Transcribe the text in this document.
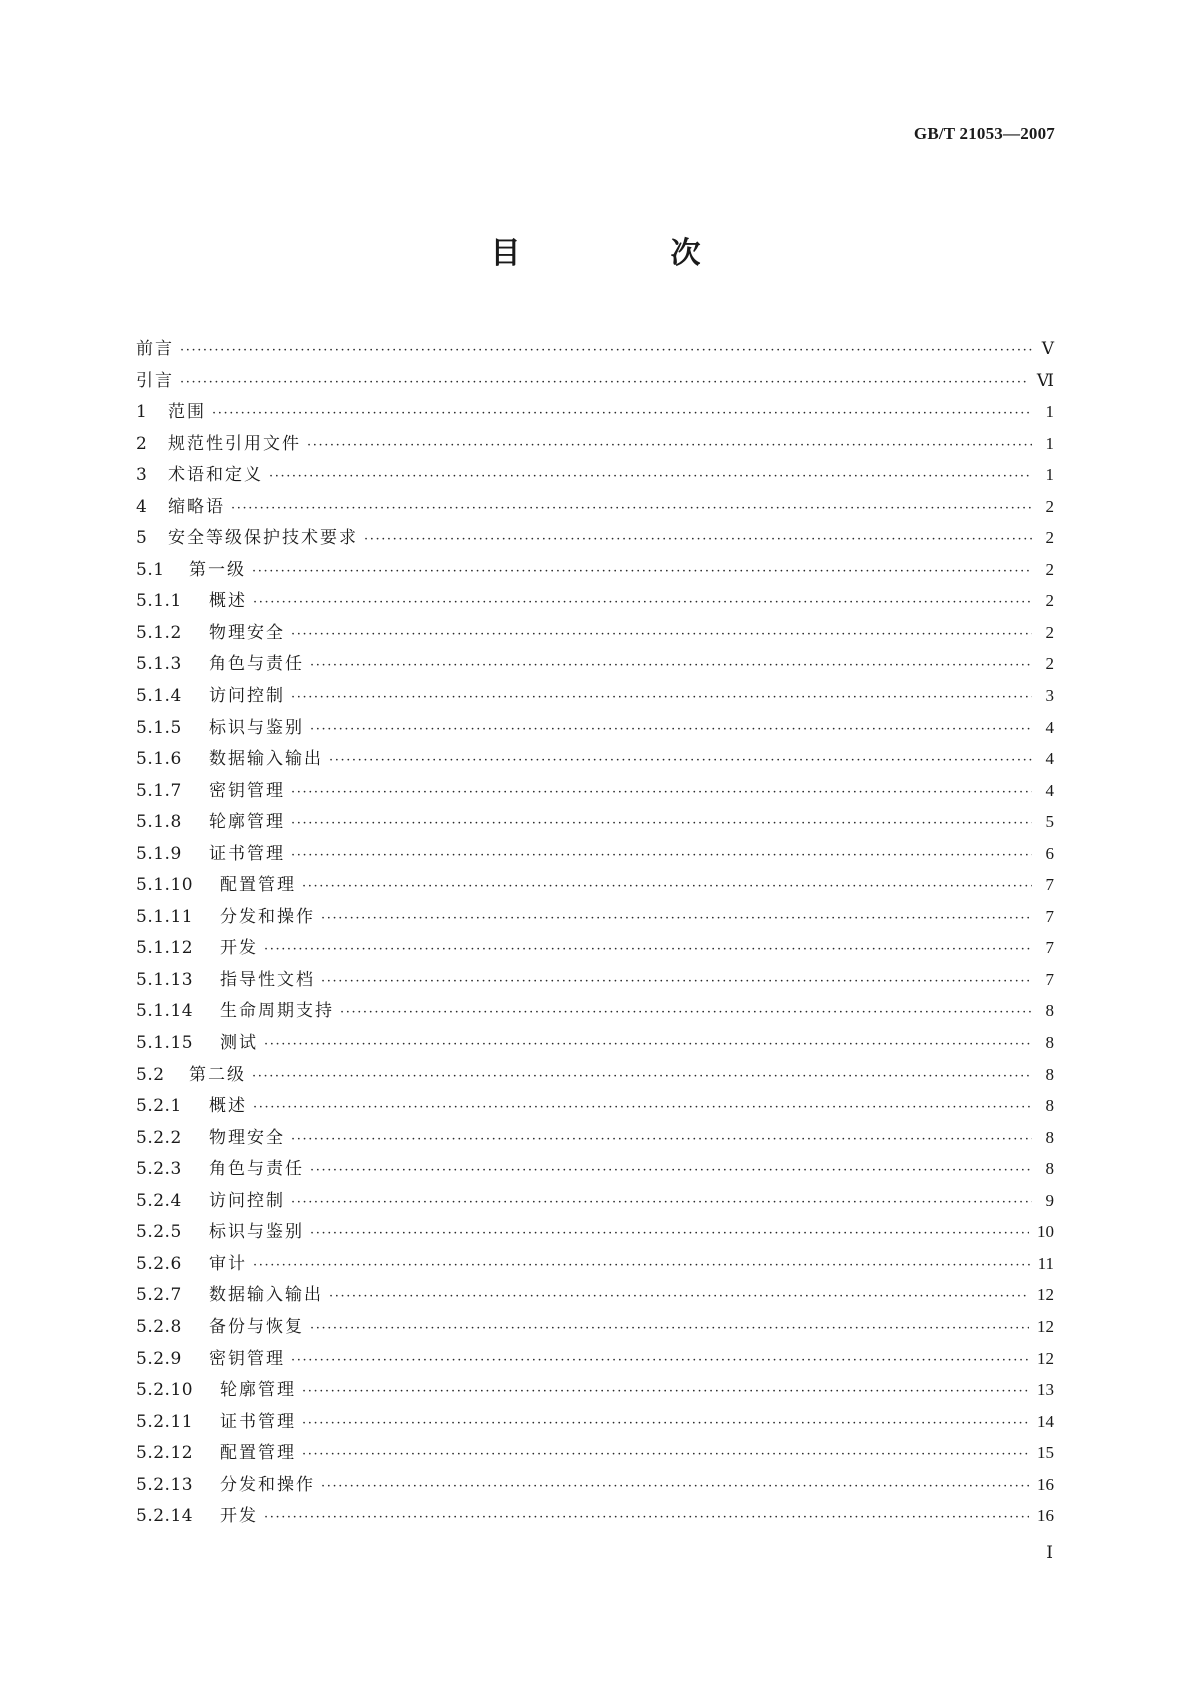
GB/T 21053—2007
目　次
前言 ·····	Ⅴ
引言 ·····	Ⅵ
1	范围 ·····	1
2	规范性引用文件 ·····	1
3	术语和定义 ·····	1
4	缩略语 ·····	2
5	安全等级保护技术要求 ·····	2
5.1	第一级 ·····	2
5.1.1	概述 ·····	2
5.1.2	物理安全 ·····	2
5.1.3	角色与责任 ·····	2
5.1.4	访问控制 ·····	3
5.1.5	标识与鉴别 ·····	4
5.1.6	数据输入输出 ·····	4
5.1.7	密钥管理 ·····	4
5.1.8	轮廓管理 ·····	5
5.1.9	证书管理 ·····	6
5.1.10	配置管理 ·····	7
5.1.11	分发和操作 ·····	7
5.1.12	开发 ·····	7
5.1.13	指导性文档 ·····	7
5.1.14	生命周期支持 ·····	8
5.1.15	测试 ·····	8
5.2	第二级 ·····	8
5.2.1	概述 ·····	8
5.2.2	物理安全 ·····	8
5.2.3	角色与责任 ·····	8
5.2.4	访问控制 ·····	9
5.2.5	标识与鉴别 ·····	10
5.2.6	审计 ·····	11
5.2.7	数据输入输出 ·····	12
5.2.8	备份与恢复 ·····	12
5.2.9	密钥管理 ·····	12
5.2.10	轮廓管理 ·····	13
5.2.11	证书管理 ·····	14
5.2.12	配置管理 ·····	15
5.2.13	分发和操作 ·····	16
5.2.14	开发 ·····	16
Ⅰ
